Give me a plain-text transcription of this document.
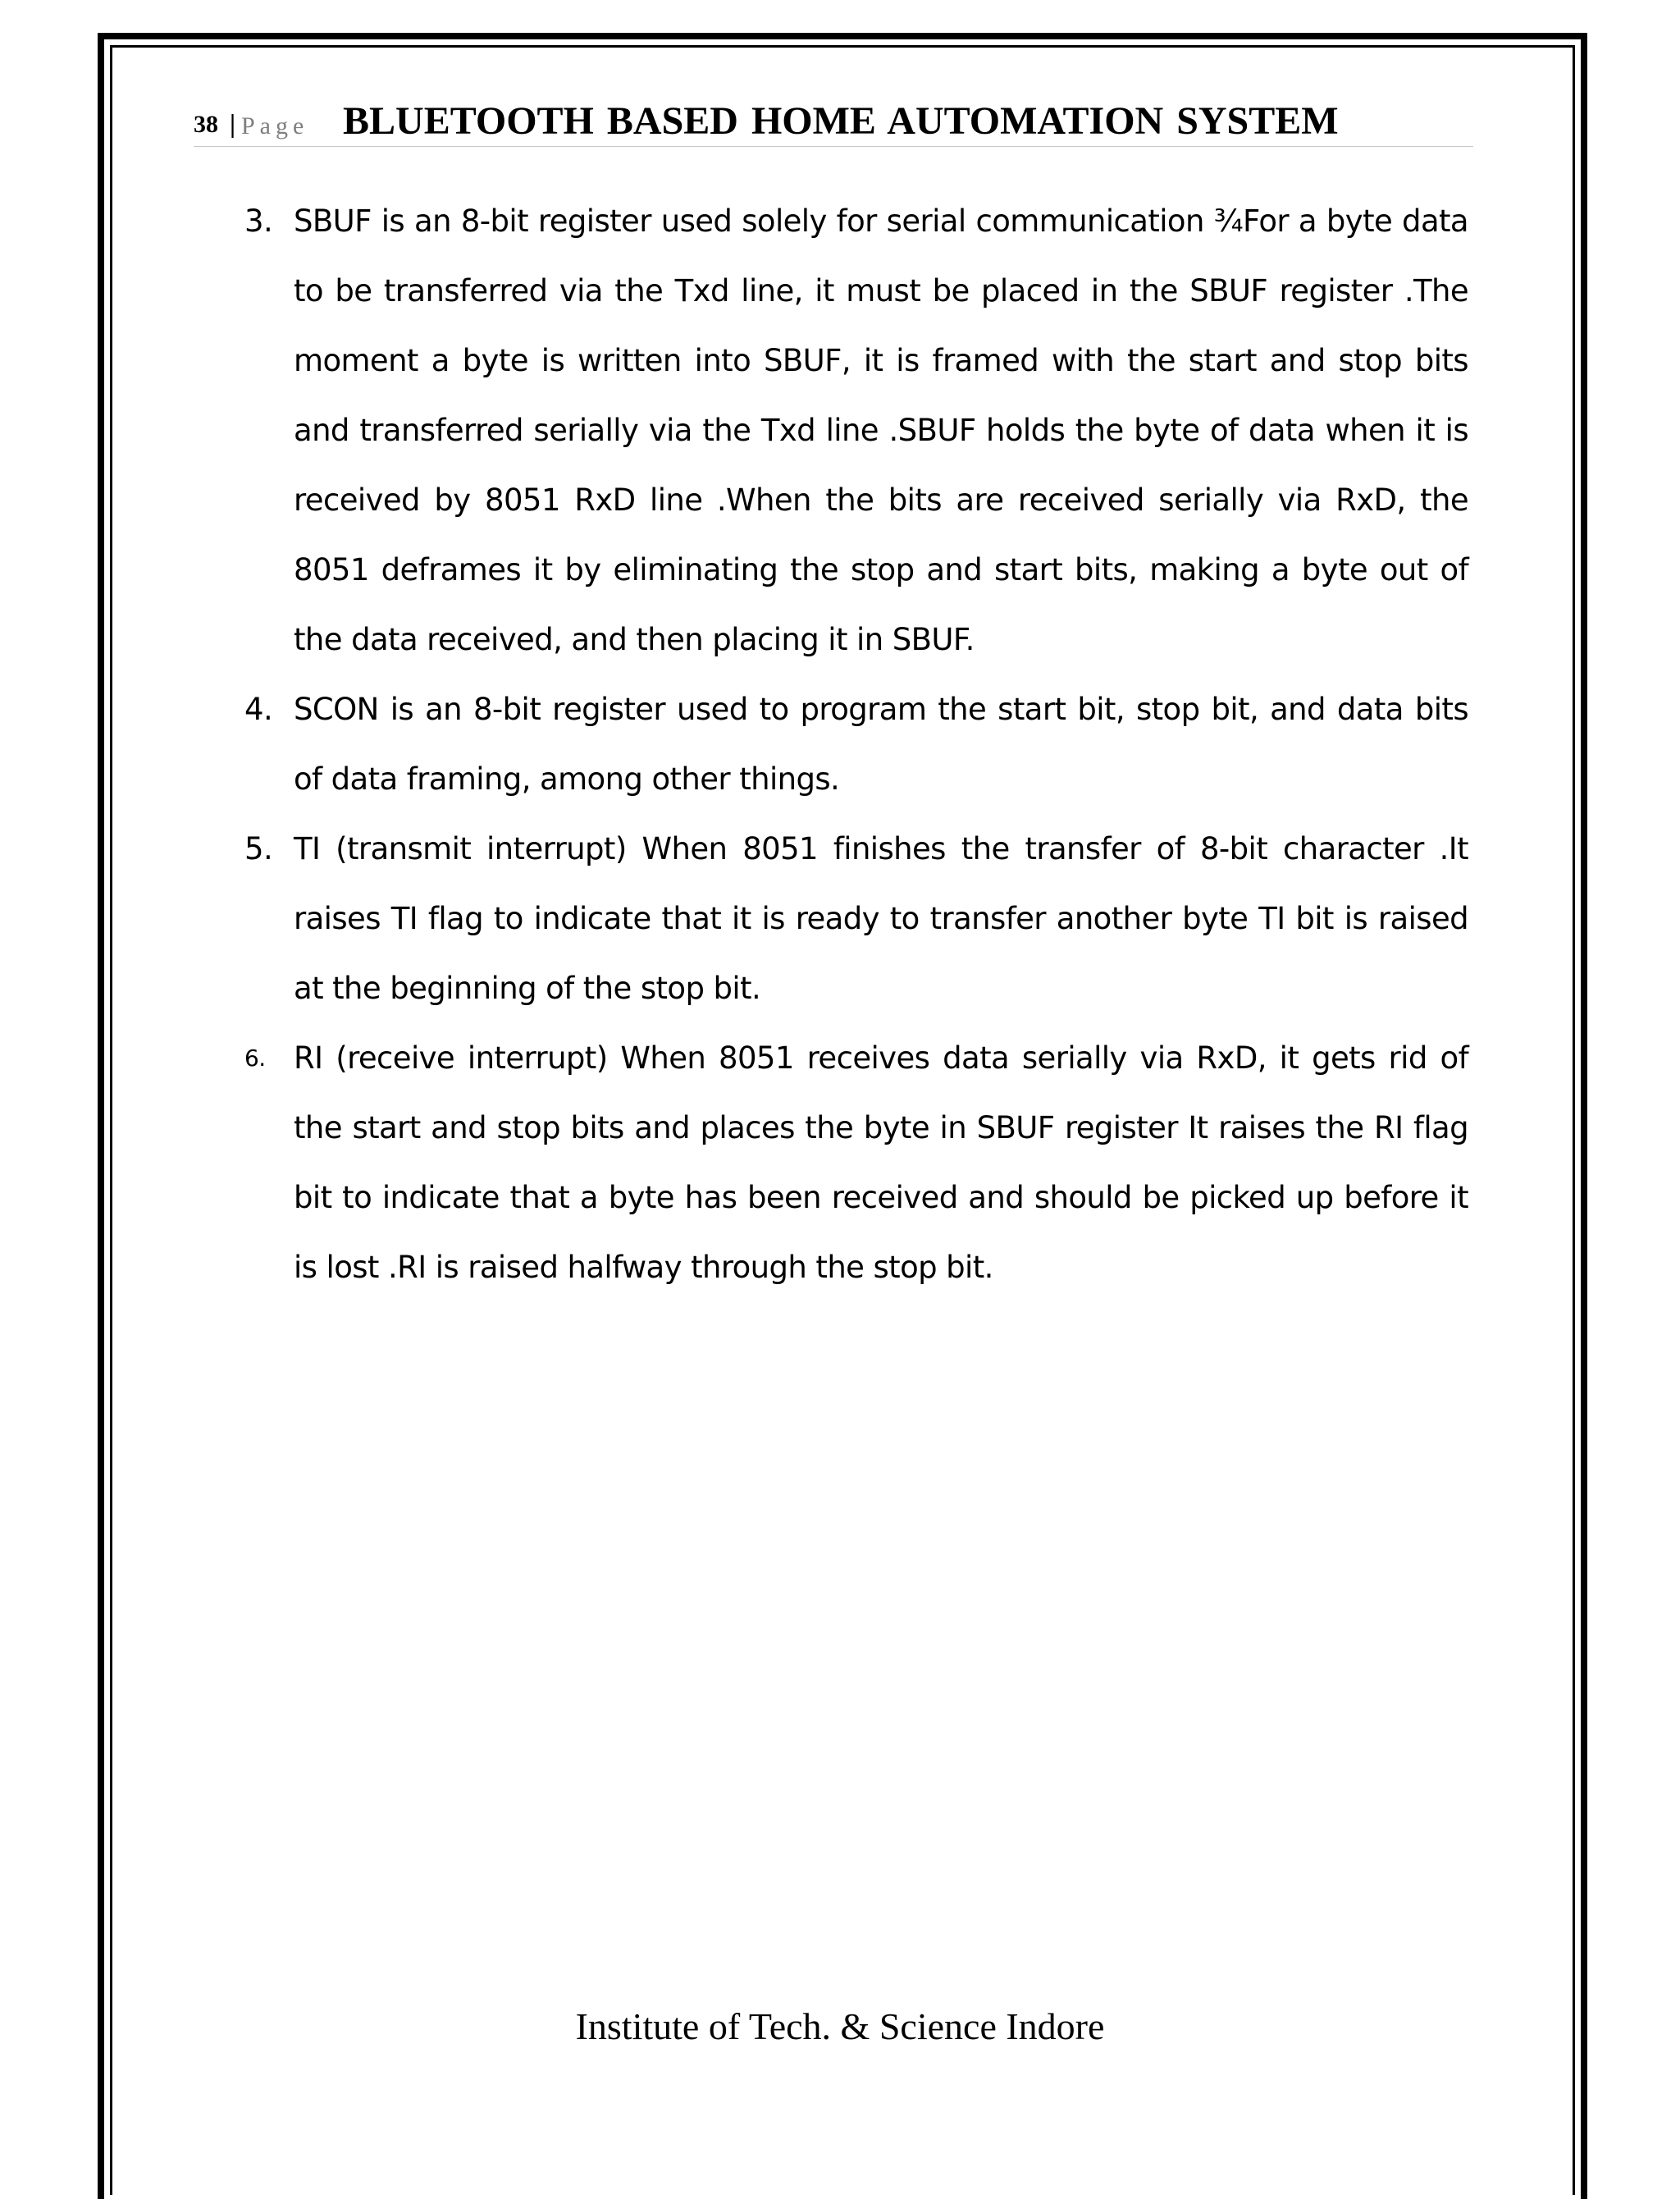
38 | Page BLUETOOTH BASED HOME AUTOMATION SYSTEM
3. SBUF is an 8-bit register used solely for serial communication ¾For a byte data to be transferred via the Txd line, it must be placed in the SBUF register .The moment a byte is written into SBUF, it is framed with the start and stop bits and transferred serially via the Txd line .SBUF holds the byte of data when it is received by 8051 RxD line .When the bits are received serially via RxD, the 8051 deframes it by eliminating the stop and start bits, making a byte out of the data received, and then placing it in SBUF.
4. SCON is an 8-bit register used to program the start bit, stop bit, and data bits of data framing, among other things.
5. TI (transmit interrupt) When 8051 finishes the transfer of 8-bit character .It raises TI flag to indicate that it is ready to transfer another byte TI bit is raised at the beginning of the stop bit.
6. RI (receive interrupt) When 8051 receives data serially via RxD, it gets rid of the start and stop bits and places the byte in SBUF register It raises the RI flag bit to indicate that a byte has been received and should be picked up before it is lost .RI is raised halfway through the stop bit.
Institute of Tech. & Science Indore
